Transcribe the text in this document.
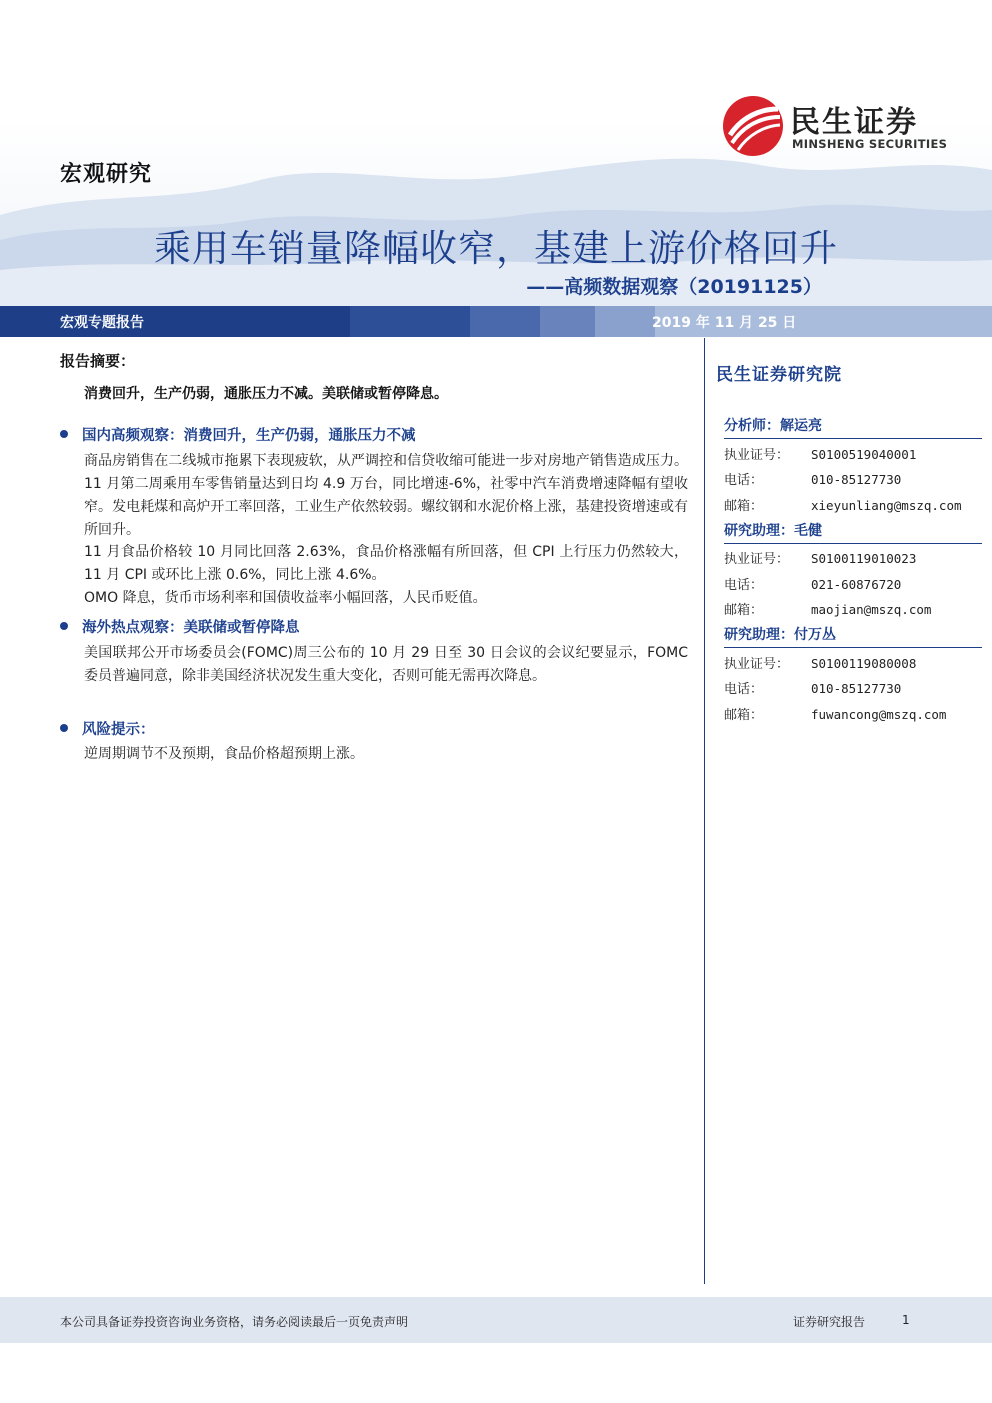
宏观研究
民生证券
MINSHENG SECURITIES
乘用车销量降幅收窄，基建上游价格回升
——高频数据观察（20191125）
宏观专题报告	2019 年 11 月 25 日
报告摘要：
消费回升，生产仍弱，通胀压力不减。美联储或暂停降息。
国内高频观察：消费回升，生产仍弱，通胀压力不减
商品房销售在二线城市拖累下表现疲软，从严调控和信贷收缩可能进一步对房地产销售造成压力。11 月第二周乘用车零售销量达到日均 4.9 万台，同比增速-6%，社零中汽车消费增速降幅有望收窄。发电耗煤和高炉开工率回落，工业生产依然较弱。螺纹钢和水泥价格上涨，基建投资增速或有所回升。
11 月食品价格较 10 月同比回落 2.63%，食品价格涨幅有所回落，但 CPI 上行压力仍然较大，11 月 CPI 或环比上涨 0.6%，同比上涨 4.6%。
OMO 降息，货币市场利率和国债收益率小幅回落，人民币贬值。
海外热点观察：美联储或暂停降息
美国联邦公开市场委员会(FOMC)周三公布的 10 月 29 日至 30 日会议的会议纪要显示，FOMC 委员普遍同意，除非美国经济状况发生重大变化，否则可能无需再次降息。
风险提示：
逆周期调节不及预期，食品价格超预期上涨。
民生证券研究院
分析师：解运亮
执业证号： S0100519040001
电话：	010-85127730
邮箱：	xieyunliang@mszq.com
研究助理：毛健
执业证号： S0100119010023
电话：	021-60876720
邮箱：	maojian@mszq.com
研究助理：付万丛
执业证号： S0100119080008
电话：	010-85127730
邮箱：	fuwancong@mszq.com
本公司具备证券投资咨询业务资格，请务必阅读最后一页免责声明	证券研究报告	1
